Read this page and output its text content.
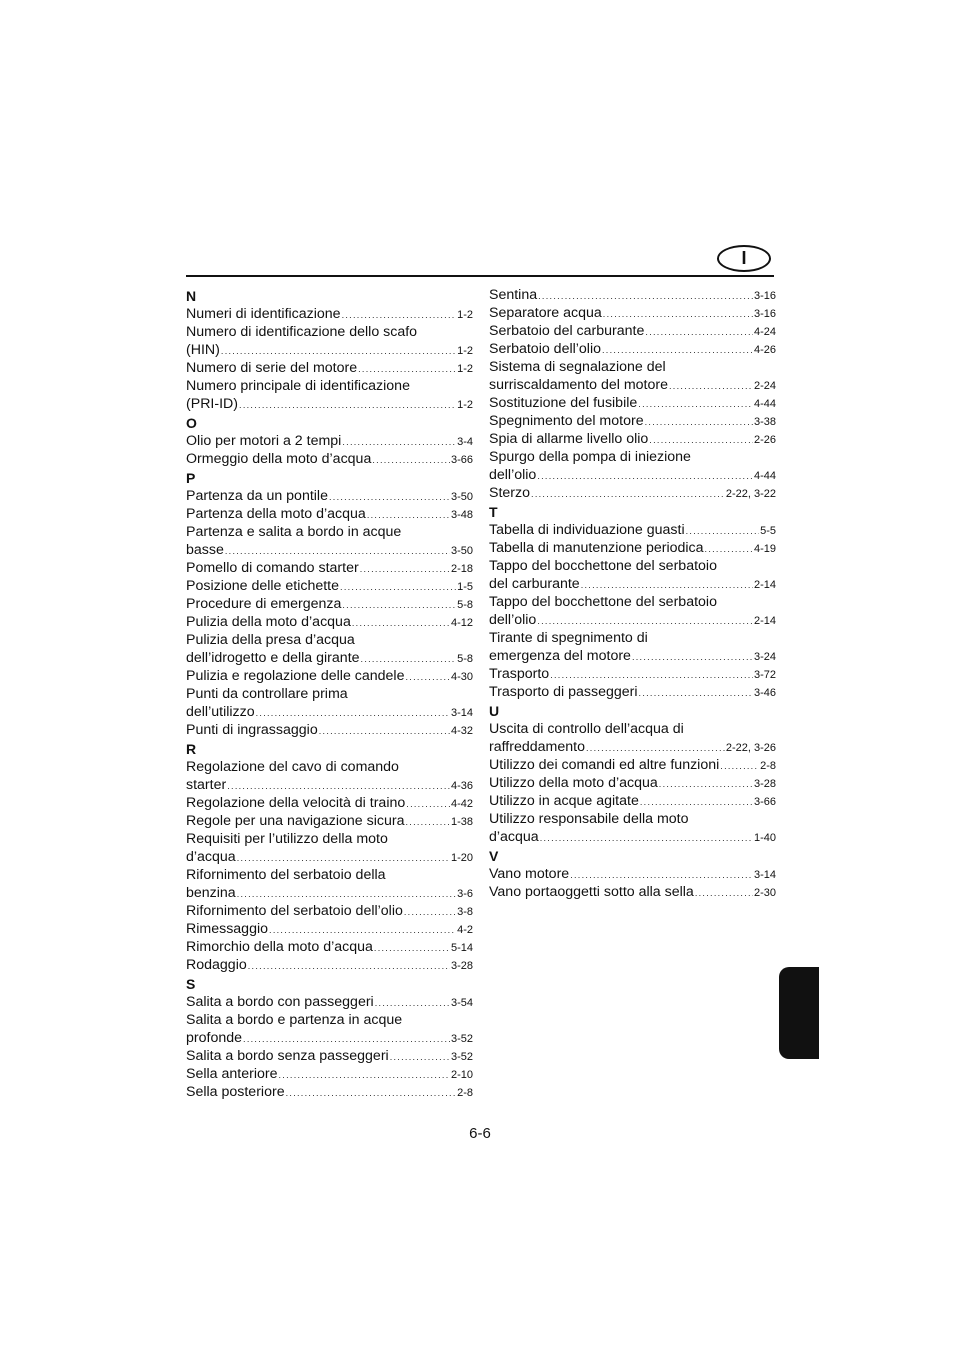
I
N
Numeri di identificazione .....	1-2
Numero di identificazione dello scafo
(HIN) .....	1-2
Numero di serie del motore .....	1-2
Numero principale di identificazione
(PRI-ID) .....	1-2
O
Olio per motori a 2 tempi .....	3-4
Ormeggio della moto d’acqua .....	3-66
P
Partenza da un pontile .....	3-50
Partenza della moto d’acqua .....	3-48
Partenza e salita a bordo in acque
basse .....	3-50
Pomello di comando starter .....	2-18
Posizione delle etichette .....	1-5
Procedure di emergenza .....	5-8
Pulizia della moto d’acqua .....	4-12
Pulizia della presa d’acqua
dell’idrogetto e della girante .....	5-8
Pulizia e regolazione delle candele .....	4-30
Punti da controllare prima
dell’utilizzo .....	3-14
Punti di ingrassaggio .....	4-32
R
Regolazione del cavo di comando
starter .....	4-36
Regolazione della velocità di traino .....	4-42
Regole per una navigazione sicura .....	1-38
Requisiti per l’utilizzo della moto
d’acqua .....	1-20
Rifornimento del serbatoio della
benzina .....	3-6
Rifornimento del serbatoio dell’olio .....	3-8
Rimessaggio .....	4-2
Rimorchio della moto d’acqua .....	5-14
Rodaggio .....	3-28
S
Salita a bordo con passeggeri .....	3-54
Salita a bordo e partenza in acque
profonde .....	3-52
Salita a bordo senza passeggeri .....	3-52
Sella anteriore .....	2-10
Sella posteriore .....	2-8
Sentina .....	3-16
Separatore acqua .....	3-16
Serbatoio del carburante .....	4-24
Serbatoio dell’olio .....	4-26
Sistema di segnalazione del
surriscaldamento del motore .....	2-24
Sostituzione del fusibile .....	4-44
Spegnimento del motore .....	3-38
Spia di allarme livello olio .....	2-26
Spurgo della pompa di iniezione
dell’olio .....	4-44
Sterzo .....	2-22, 3-22
T
Tabella di individuazione guasti .....	5-5
Tabella di manutenzione periodica .....	4-19
Tappo del bocchettone del serbatoio
del carburante .....	2-14
Tappo del bocchettone del serbatoio
dell’olio .....	2-14
Tirante di spegnimento di
emergenza del motore .....	3-24
Trasporto .....	3-72
Trasporto di passeggeri .....	3-46
U
Uscita di controllo dell’acqua di
raffreddamento .....	2-22, 3-26
Utilizzo dei comandi ed altre funzioni .....	2-8
Utilizzo della moto d’acqua .....	3-28
Utilizzo in acque agitate .....	3-66
Utilizzo responsabile della moto
d’acqua .....	1-40
V
Vano motore .....	3-14
Vano portaoggetti sotto alla sella .....	2-30
6-6
